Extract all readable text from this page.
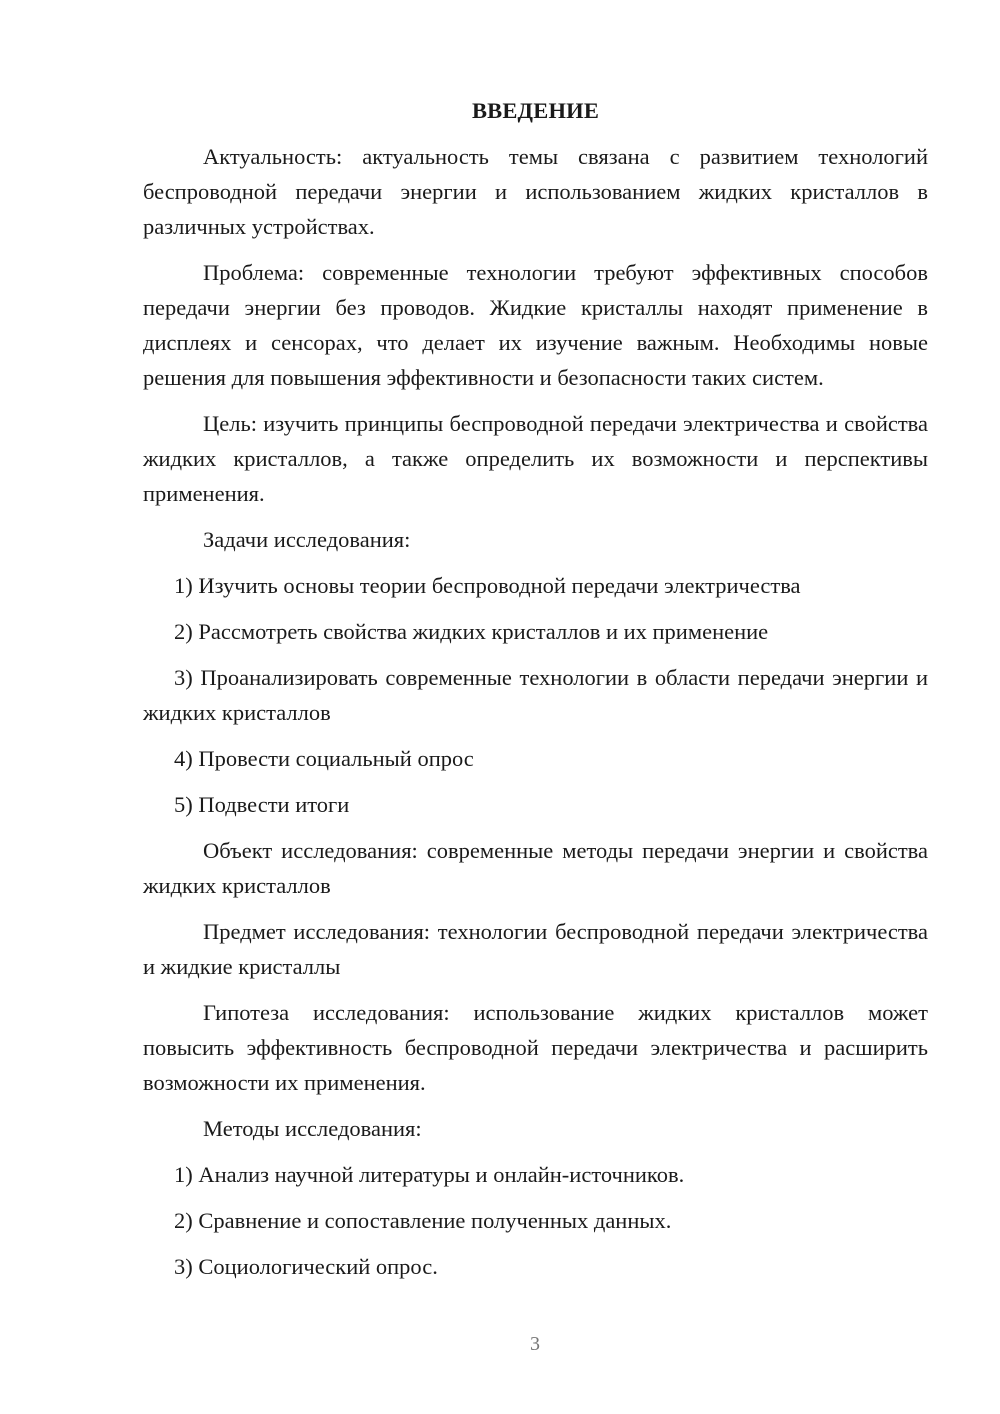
ВВЕДЕНИЕ
Актуальность: актуальность темы связана с развитием технологий беспроводной передачи энергии и использованием жидких кристаллов в различных устройствах.
Проблема: современные технологии требуют эффективных способов передачи энергии без проводов. Жидкие кристаллы находят применение в дисплеях и сенсорах, что делает их изучение важным. Необходимы новые решения для повышения эффективности и безопасности таких систем.
Цель: изучить принципы беспроводной передачи электричества и свойства жидких кристаллов, а также определить их возможности и перспективы применения.
Задачи исследования:
1) Изучить основы теории беспроводной передачи электричества
2) Рассмотреть свойства жидких кристаллов и их применение
3) Проанализировать современные технологии в области передачи энергии и жидких кристаллов
4) Провести социальный опрос
5) Подвести итоги
Объект исследования: современные методы передачи энергии и свойства жидких кристаллов
Предмет исследования: технологии беспроводной передачи электричества и жидкие кристаллы
Гипотеза исследования: использование жидких кристаллов может повысить эффективность беспроводной передачи электричества и расширить возможности их применения.
Методы исследования:
1) Анализ научной литературы и онлайн-источников.
2) Сравнение и сопоставление полученных данных.
3) Социологический опрос.
3
